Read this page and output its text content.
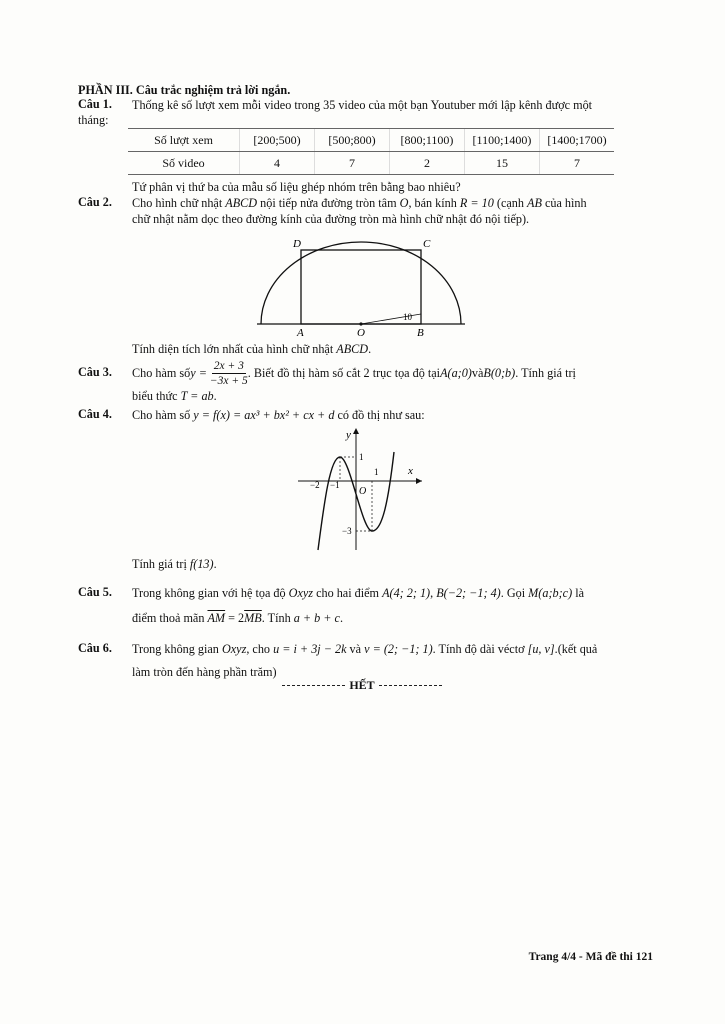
PHẦN III. Câu trắc nghiệm trả lời ngắn.
Câu 1. Thống kê số lượt xem mỗi video trong 35 video của một bạn Youtuber mới lập kênh được một
tháng:
Số lượt xem	[200;500)	[500;800)	[800;1100)	[1100;1400)	[1400;1700)
Số video	4	7	2	15	7
Tứ phân vị thứ ba của mẫu số liệu ghép nhóm trên bằng bao nhiêu?
Câu 2. Cho hình chữ nhật ABCD nội tiếp nửa đường tròn tâm O, bán kính R = 10 (cạnh AB của hình
chữ nhật nằm dọc theo đường kính của đường tròn mà hình chữ nhật đó nội tiếp).
D	C
A	O	B
10
Tính diện tích lớn nhất của hình chữ nhật ABCD.
Câu 3. Cho hàm số $y = \frac{2x + 3}{-3x + 5}$ . Biết đồ thị hàm số cắt 2 trục tọa độ tại A(a;0) và B(0;b) . Tính giá trị
biểu thức T = ab.
Câu 4. Cho hàm số y = f(x) = ax³ + bx² + cx + d có đồ thị như sau:
y
x
O
−2 −1
1
1
−3
Tính giá trị f(13).
Câu 5. Trong không gian với hệ tọa độ Oxyz cho hai điểm A(4; 2; 1), B(−2; −1; 4). Gọi M(a;b;c) là
điểm thoả mãn $\overline{AM} = 2\overline{MB}$. Tính a + b + c.
Câu 6. Trong không gian Oxyz, cho u = i + 3j − 2k và v = (2; −1; 1). Tính độ dài véctơ [u, v].(kết quả
làm tròn đến hàng phần trăm)
HẾT
Trang 4/4 - Mã đề thi 121
